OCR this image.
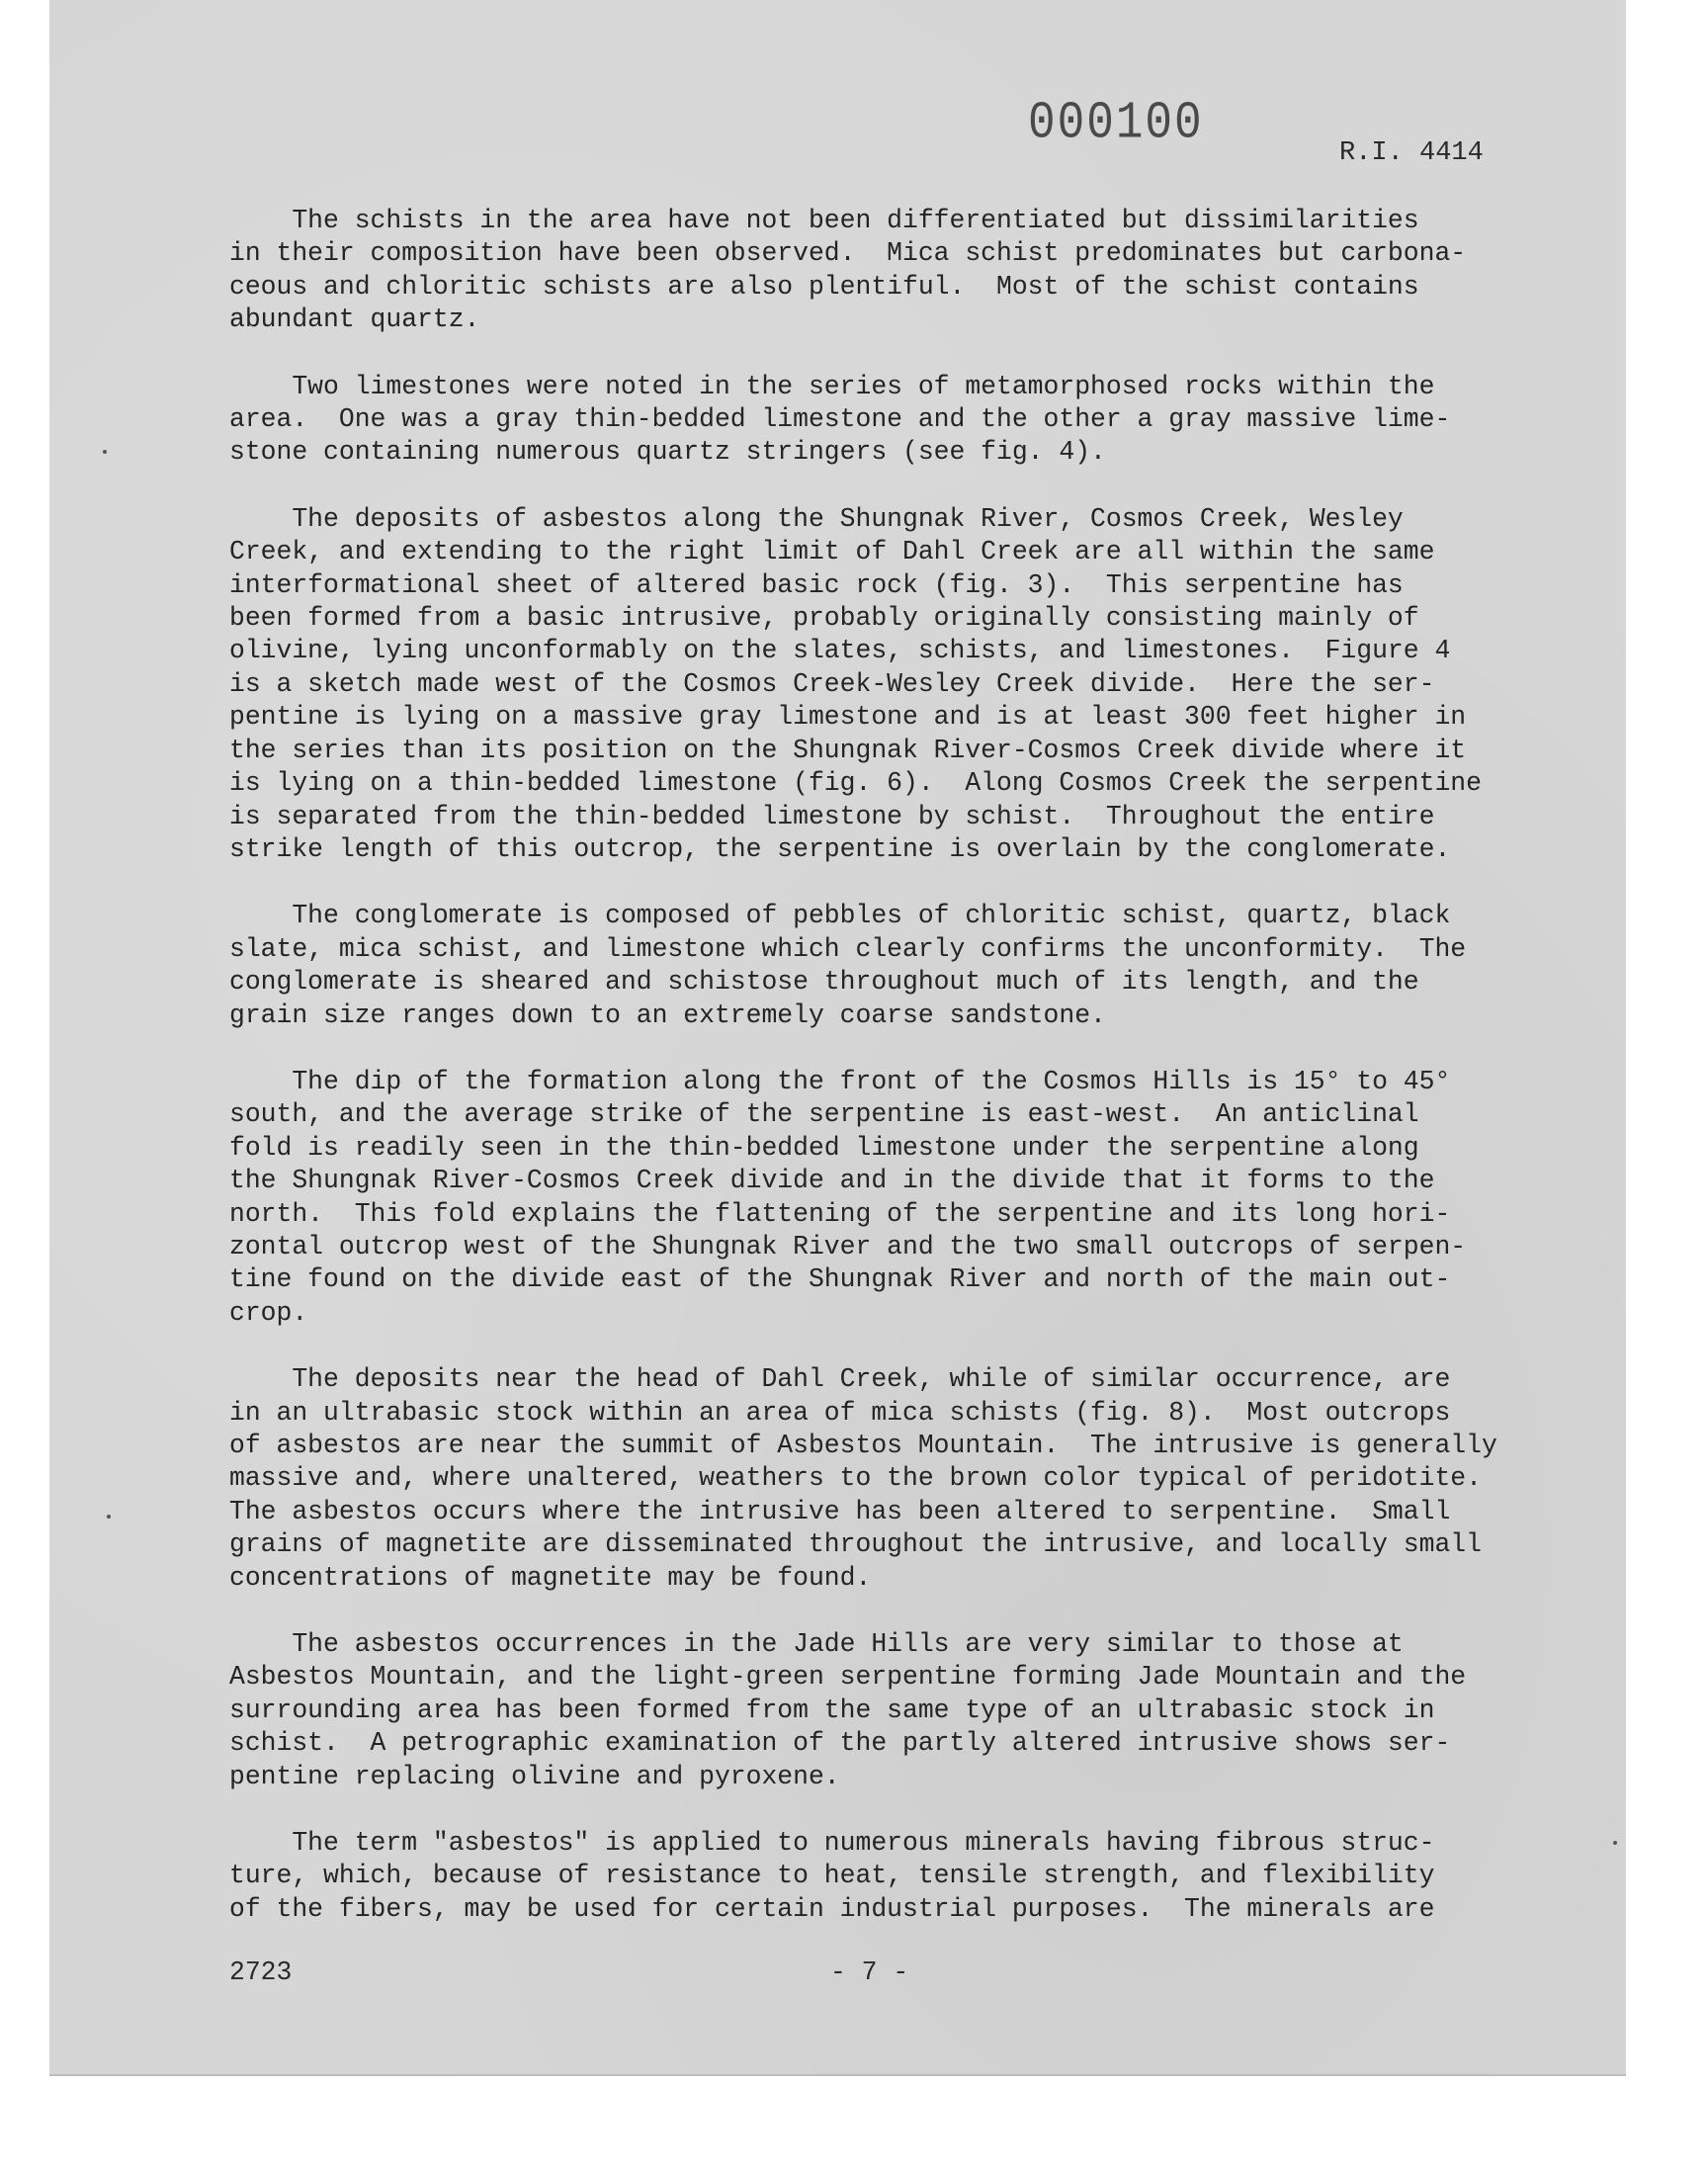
000100
R.I. 4414
The schists in the area have not been differentiated but dissimilarities
in their composition have been observed.  Mica schist predominates but carbona-
ceous and chloritic schists are also plentiful.  Most of the schist contains
abundant quartz.
Two limestones were noted in the series of metamorphosed rocks within the
area.  One was a gray thin-bedded limestone and the other a gray massive lime-
stone containing numerous quartz stringers (see fig. 4).
The deposits of asbestos along the Shungnak River, Cosmos Creek, Wesley
Creek, and extending to the right limit of Dahl Creek are all within the same
interformational sheet of altered basic rock (fig. 3).  This serpentine has
been formed from a basic intrusive, probably originally consisting mainly of
olivine, lying unconformably on the slates, schists, and limestones.  Figure 4
is a sketch made west of the Cosmos Creek-Wesley Creek divide.  Here the ser-
pentine is lying on a massive gray limestone and is at least 300 feet higher in
the series than its position on the Shungnak River-Cosmos Creek divide where it
is lying on a thin-bedded limestone (fig. 6).  Along Cosmos Creek the serpentine
is separated from the thin-bedded limestone by schist.  Throughout the entire
strike length of this outcrop, the serpentine is overlain by the conglomerate.
The conglomerate is composed of pebbles of chloritic schist, quartz, black
slate, mica schist, and limestone which clearly confirms the unconformity.  The
conglomerate is sheared and schistose throughout much of its length, and the
grain size ranges down to an extremely coarse sandstone.
The dip of the formation along the front of the Cosmos Hills is 15° to 45°
south, and the average strike of the serpentine is east-west.  An anticlinal
fold is readily seen in the thin-bedded limestone under the serpentine along
the Shungnak River-Cosmos Creek divide and in the divide that it forms to the
north.  This fold explains the flattening of the serpentine and its long hori-
zontal outcrop west of the Shungnak River and the two small outcrops of serpen-
tine found on the divide east of the Shungnak River and north of the main out-
crop.
The deposits near the head of Dahl Creek, while of similar occurrence, are
in an ultrabasic stock within an area of mica schists (fig. 8).  Most outcrops
of asbestos are near the summit of Asbestos Mountain.  The intrusive is generally
massive and, where unaltered, weathers to the brown color typical of peridotite.
The asbestos occurs where the intrusive has been altered to serpentine.  Small
grains of magnetite are disseminated throughout the intrusive, and locally small
concentrations of magnetite may be found.
The asbestos occurrences in the Jade Hills are very similar to those at
Asbestos Mountain, and the light-green serpentine forming Jade Mountain and the
surrounding area has been formed from the same type of an ultrabasic stock in
schist.  A petrographic examination of the partly altered intrusive shows ser-
pentine replacing olivine and pyroxene.
The term "asbestos" is applied to numerous minerals having fibrous struc-
ture, which, because of resistance to heat, tensile strength, and flexibility
of the fibers, may be used for certain industrial purposes.  The minerals are
2723	- 7 -
